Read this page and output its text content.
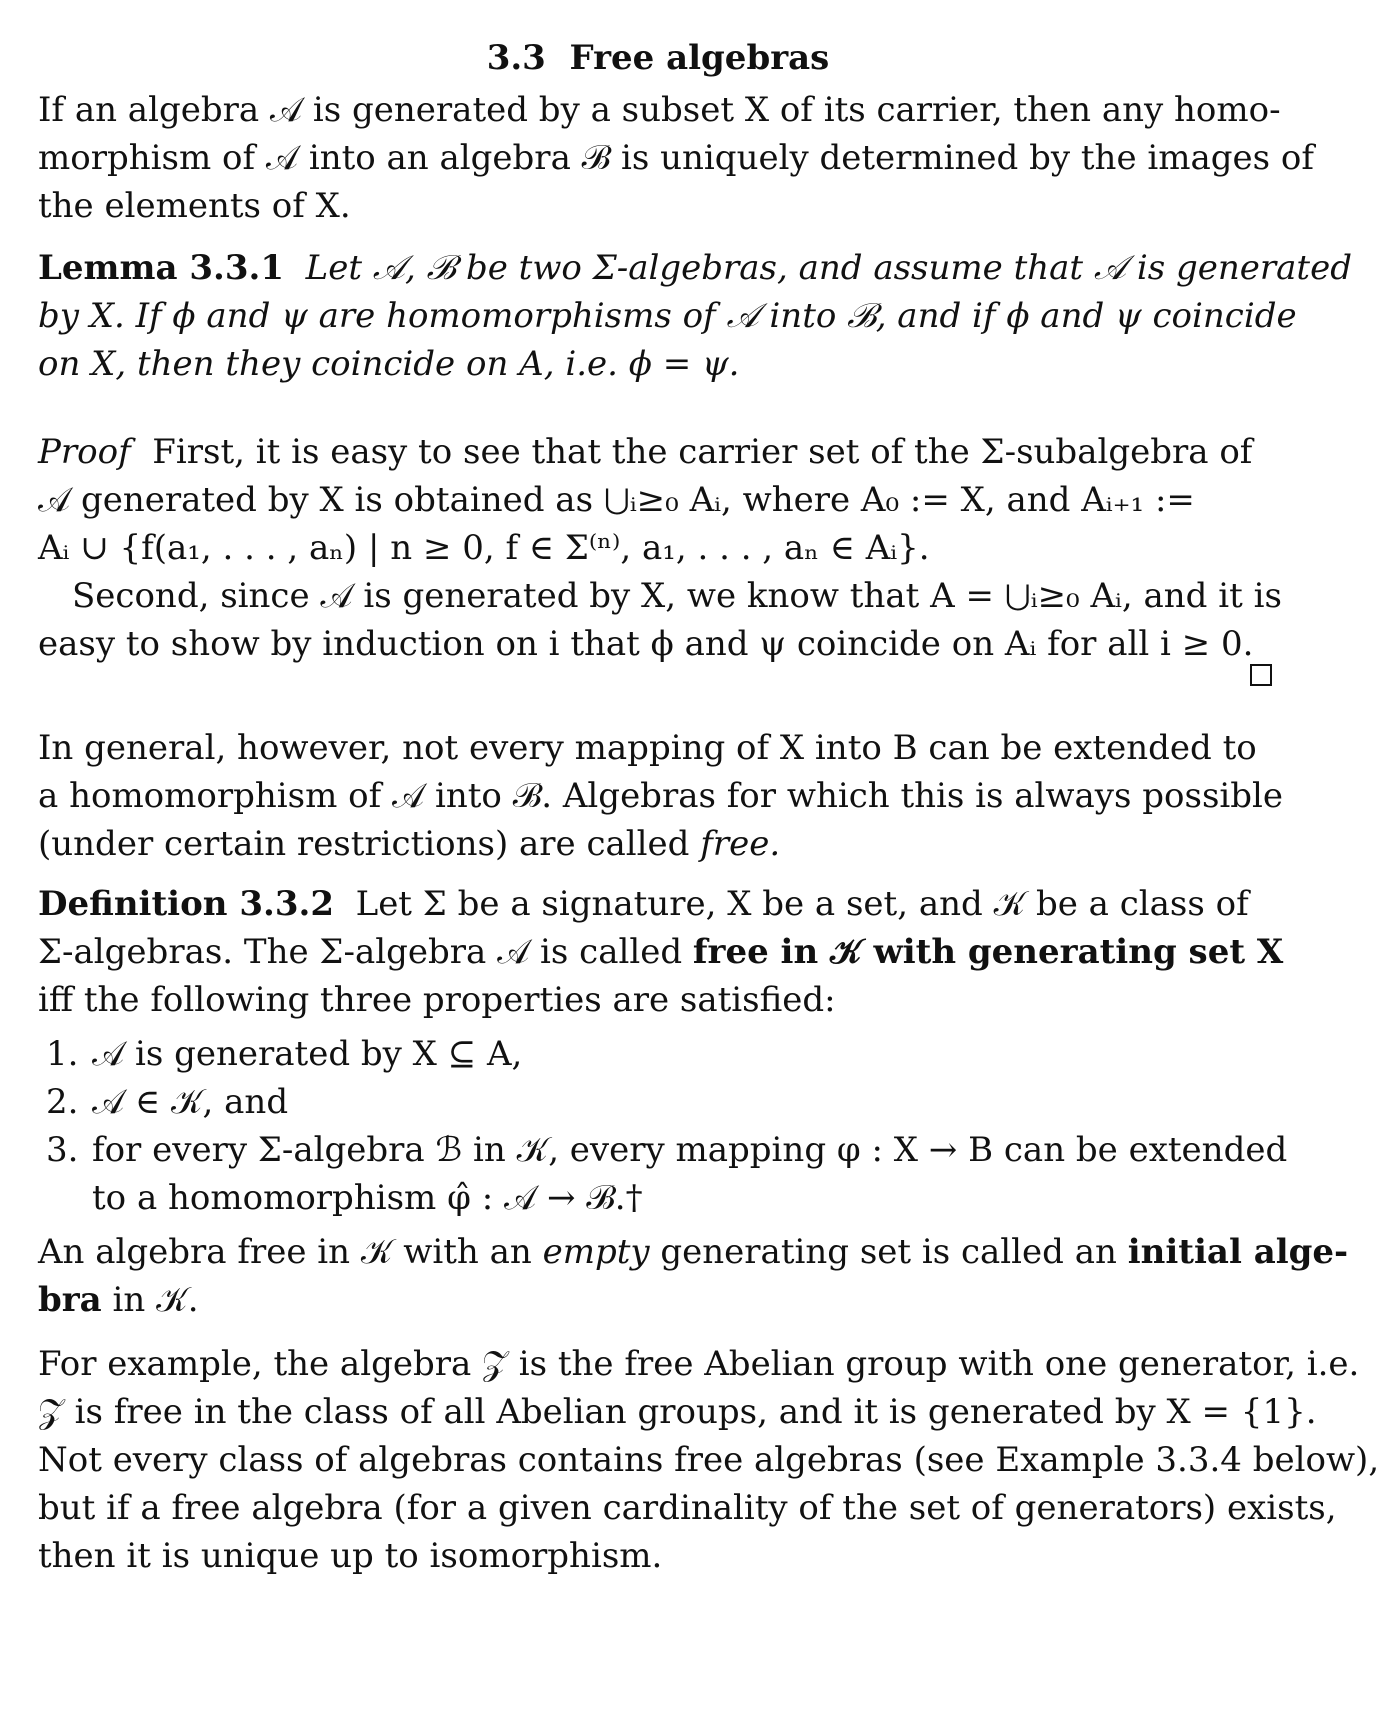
3.3 Free algebras
If an algebra 𝒜 is generated by a subset X of its carrier, then any homo-
morphism of 𝒜 into an algebra ℬ is uniquely determined by the images of
the elements of X.
Lemma 3.3.1 Let 𝒜, ℬ be two Σ-algebras, and assume that 𝒜 is generated
by X. If ϕ and ψ are homomorphisms of 𝒜 into ℬ, and if ϕ and ψ coincide
on X, then they coincide on A, i.e. ϕ = ψ.
Proof First, it is easy to see that the carrier set of the Σ-subalgebra of
𝒜 generated by X is obtained as ⋃ᵢ≥₀ Aᵢ, where A₀ := X, and Aᵢ₊₁ :=
Aᵢ ∪ {f(a₁, . . . , aₙ) | n ≥ 0, f ∈ Σ⁽ⁿ⁾, a₁, . . . , aₙ ∈ Aᵢ}.
Second, since 𝒜 is generated by X, we know that A = ⋃ᵢ≥₀ Aᵢ, and it is
easy to show by induction on i that ϕ and ψ coincide on Aᵢ for all i ≥ 0.
In general, however, not every mapping of X into B can be extended to
a homomorphism of 𝒜 into ℬ. Algebras for which this is always possible
(under certain restrictions) are called free.
Definition 3.3.2 Let Σ be a signature, X be a set, and 𝒦 be a class of
Σ-algebras. The Σ-algebra 𝒜 is called free in 𝒦 with generating set X
iff the following three properties are satisfied:
1. 𝒜 is generated by X ⊆ A,
2. 𝒜 ∈ 𝒦, and
3. for every Σ-algebra ℬ in 𝒦, every mapping φ : X → B can be extended
to a homomorphism φ̂ : 𝒜 → ℬ.†
An algebra free in 𝒦 with an empty generating set is called an initial alge-
bra in 𝒦.
For example, the algebra 𝒵 is the free Abelian group with one generator, i.e.
𝒵 is free in the class of all Abelian groups, and it is generated by X = {1}.
Not every class of algebras contains free algebras (see Example 3.3.4 below),
but if a free algebra (for a given cardinality of the set of generators) exists,
then it is unique up to isomorphism.
